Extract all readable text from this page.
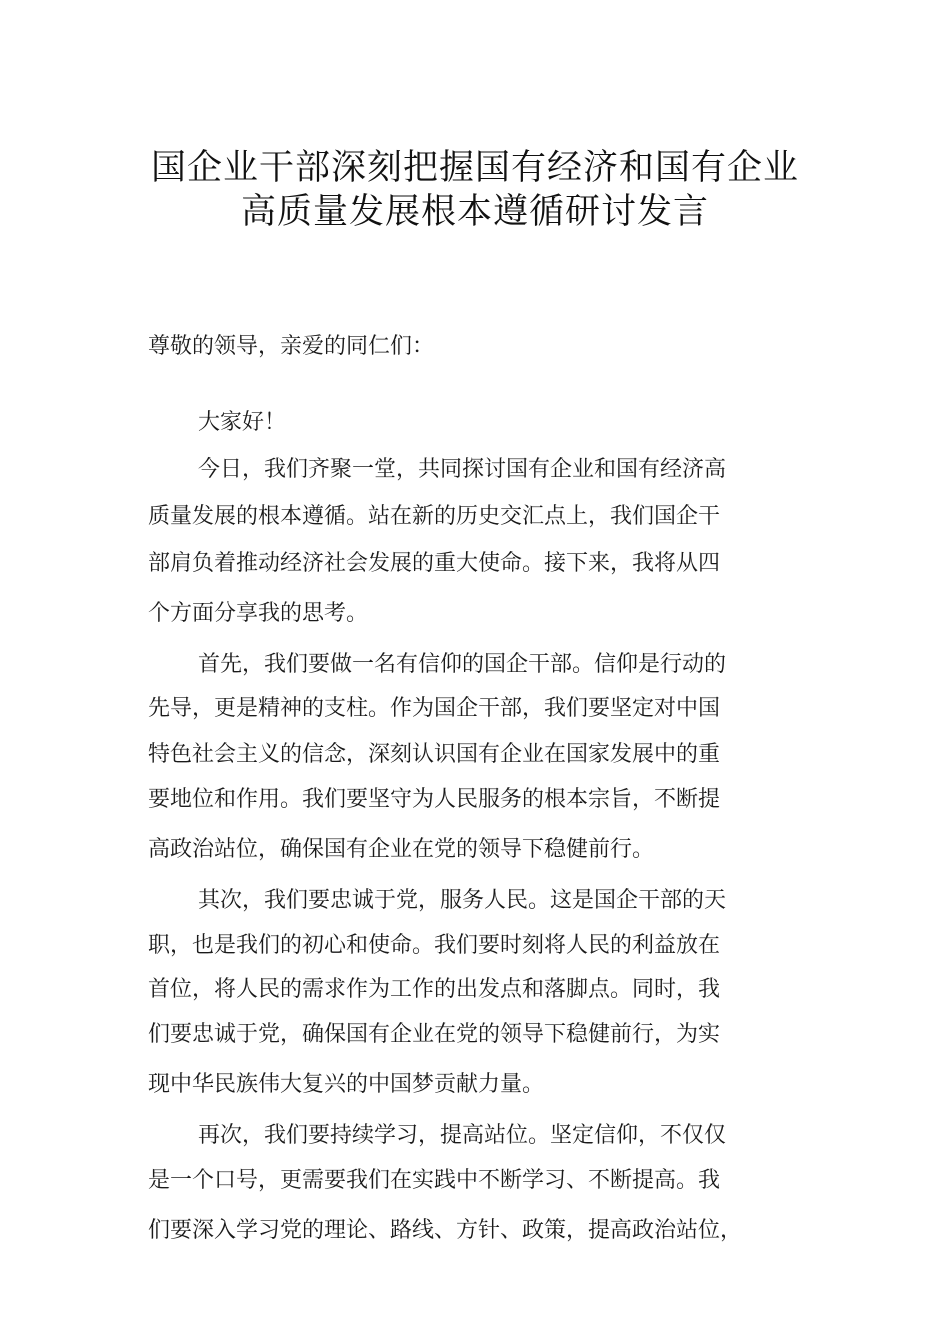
国企业干部深刻把握国有经济和国有企业
高质量发展根本遵循研讨发言
尊敬的领导，亲爱的同仁们：
大家好！
今日，我们齐聚一堂，共同探讨国有企业和国有经济高
质量发展的根本遵循。站在新的历史交汇点上，我们国企干
部肩负着推动经济社会发展的重大使命。接下来，我将从四
个方面分享我的思考。
首先，我们要做一名有信仰的国企干部。信仰是行动的
先导，更是精神的支柱。作为国企干部，我们要坚定对中国
特色社会主义的信念，深刻认识国有企业在国家发展中的重
要地位和作用。我们要坚守为人民服务的根本宗旨，不断提
高政治站位，确保国有企业在党的领导下稳健前行。
其次，我们要忠诚于党，服务人民。这是国企干部的天
职，也是我们的初心和使命。我们要时刻将人民的利益放在
首位，将人民的需求作为工作的出发点和落脚点。同时，我
们要忠诚于党，确保国有企业在党的领导下稳健前行，为实
现中华民族伟大复兴的中国梦贡献力量。
再次，我们要持续学习，提高站位。坚定信仰，不仅仅
是一个口号，更需要我们在实践中不断学习、不断提高。我
们要深入学习党的理论、路线、方针、政策，提高政治站位，
